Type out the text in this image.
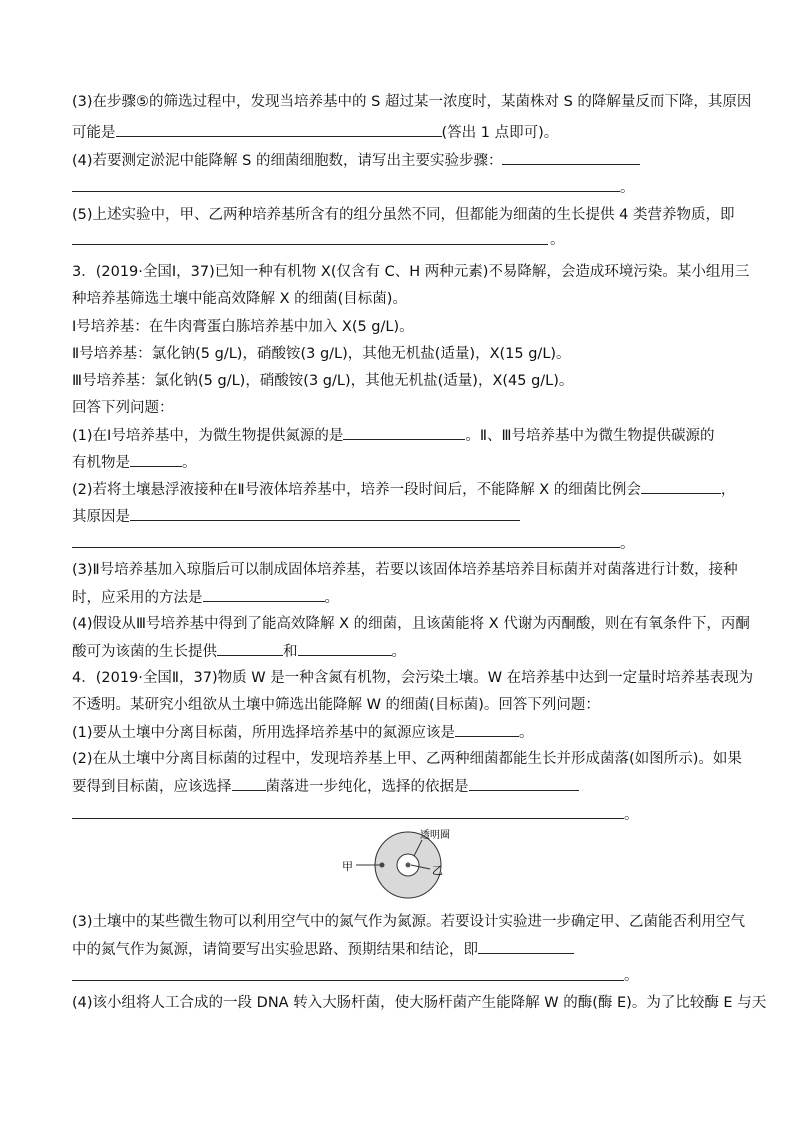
(3)在步骤⑤的筛选过程中，发现当培养基中的 S 超过某一浓度时，某菌株对 S 的降解量反而下降，其原因
可能是	(答出 1 点即可)。
(4)若要测定淤泥中能降解 S 的细菌细胞数，请写出主要实验步骤：
。
(5)上述实验中，甲、乙两种培养基所含有的组分虽然不同，但都能为细菌的生长提供 4 类营养物质，即
。
3．(2019·全国Ⅰ，37)已知一种有机物 X(仅含有 C、H 两种元素)不易降解，会造成环境污染。某小组用三
种培养基筛选土壤中能高效降解 X 的细菌(目标菌)。
Ⅰ号培养基：在牛肉膏蛋白胨培养基中加入 X(5 g/L)。
Ⅱ号培养基：氯化钠(5 g/L)，硝酸铵(3 g/L)，其他无机盐(适量)，X(15 g/L)。
Ⅲ号培养基：氯化钠(5 g/L)，硝酸铵(3 g/L)，其他无机盐(适量)，X(45 g/L)。
回答下列问题：
(1)在Ⅰ号培养基中，为微生物提供氮源的是	。Ⅱ、Ⅲ号培养基中为微生物提供碳源的
有机物是	。
(2)若将土壤悬浮液接种在Ⅱ号液体培养基中，培养一段时间后，不能降解 X 的细菌比例会	，
其原因是
。
(3)Ⅱ号培养基加入琼脂后可以制成固体培养基，若要以该固体培养基培养目标菌并对菌落进行计数，接种
时，应采用的方法是	。
(4)假设从Ⅲ号培养基中得到了能高效降解 X 的细菌，且该菌能将 X 代谢为丙酮酸，则在有氧条件下，丙酮
酸可为该菌的生长提供	和	。
4．(2019·全国Ⅱ，37)物质 W 是一种含氮有机物，会污染土壤。W 在培养基中达到一定量时培养基表现为
不透明。某研究小组欲从土壤中筛选出能降解 W 的细菌(目标菌)。回答下列问题：
(1)要从土壤中分离目标菌，所用选择培养基中的氮源应该是	。
(2)在从土壤中分离目标菌的过程中，发现培养基上甲、乙两种细菌都能生长并形成菌落(如图所示)。如果
要得到目标菌，应该选择 菌落进一步纯化，选择的依据是
。
甲	乙
透明圈
(3)土壤中的某些微生物可以利用空气中的氮气作为氮源。若要设计实验进一步确定甲、乙菌能否利用空气
中的氮气作为氮源，请简要写出实验思路、预期结果和结论，即
。
(4)该小组将人工合成的一段 DNA 转入大肠杆菌，使大肠杆菌产生能降解 W 的酶(酶 E)。为了比较酶 E 与天
